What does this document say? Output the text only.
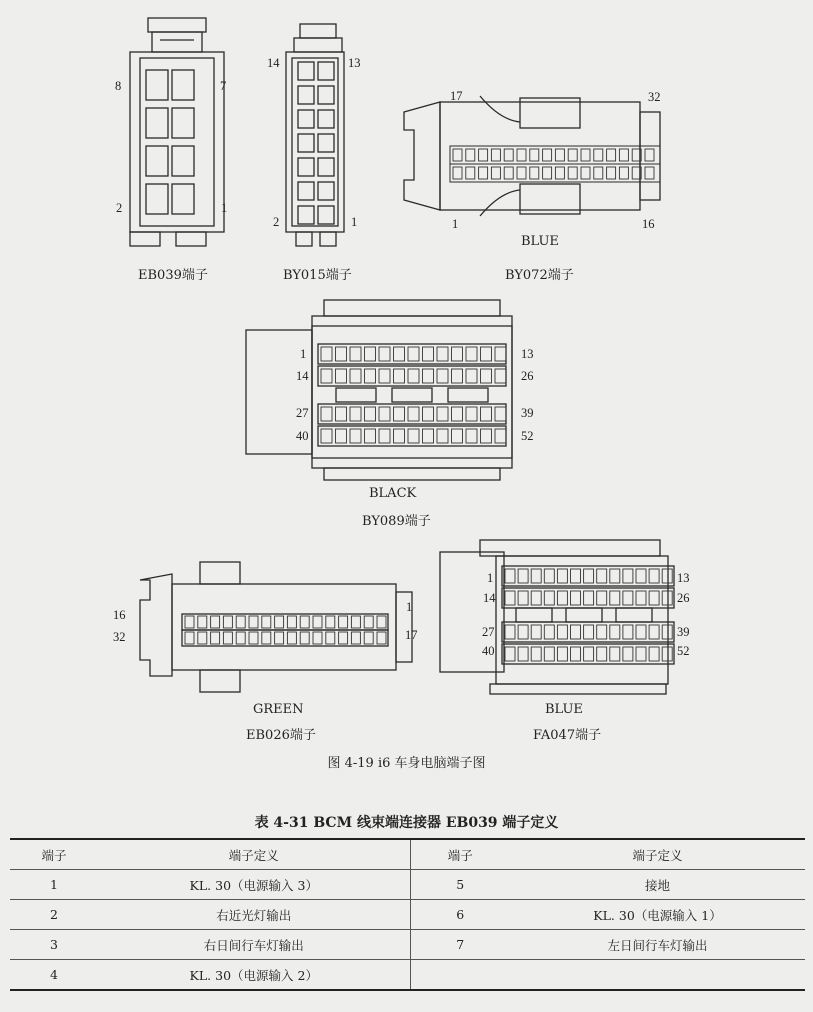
8	7
2	1
14	13
2	1
17	32
1	16
1	13
14	26
27	39
40	52
16
32
1
17
1	13
14	26
27	39
40	52
EB039端子	BY015端子
BLUE
BY072端子
BLACK
BY089端子
GREEN
EB026端子
BLUE
FA047端子
图 4-19 i6 车身电脑端子图
表 4-31 BCM 线束端连接器 EB039 端子定义
端子	端子定义	端子	端子定义
1	KL. 30（电源输入 3）	5	接地
2	右近光灯输出	6	KL. 30（电源输入 1）
3	右日间行车灯输出	7	左日间行车灯输出
4	KL. 30（电源输入 2）		
